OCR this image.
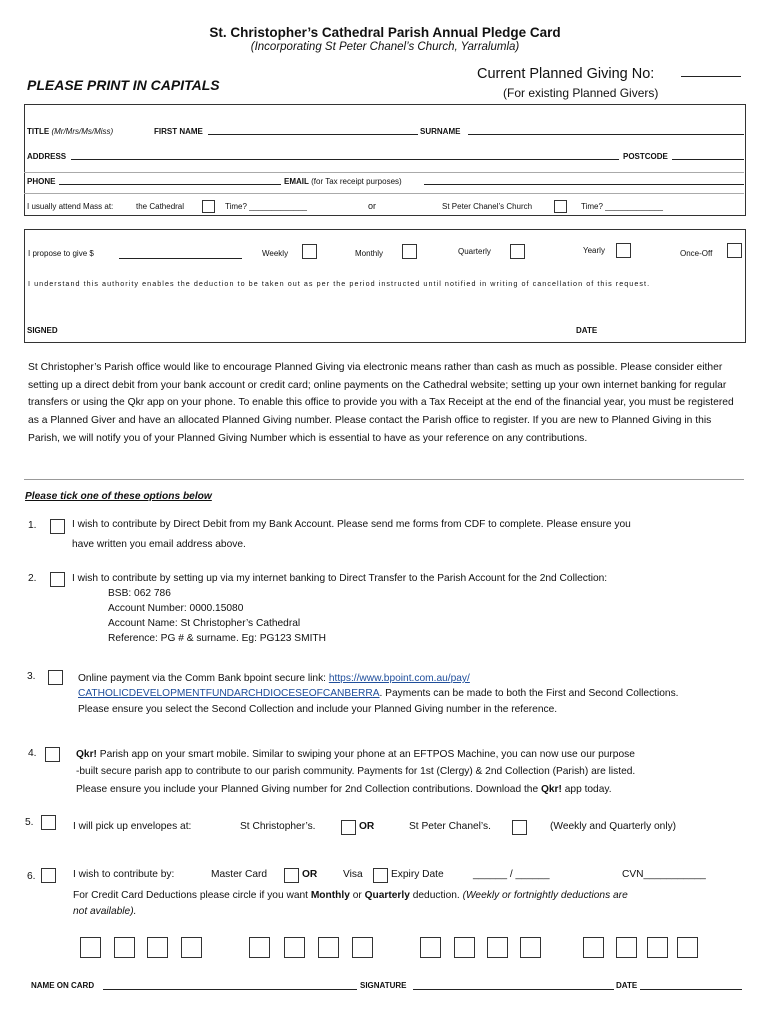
St. Christopher’s Cathedral Parish Annual Pledge Card
(Incorporating St Peter Chanel’s Church, Yarralumla)
PLEASE PRINT IN CAPITALS
Current Planned Giving No:
(For existing Planned Givers)
TITLE (Mr/Mrs/Ms/Miss)	FIRST NAME	SURNAME
ADDRESS	POSTCODE
PHONE	EMAIL (for Tax receipt purposes)
I usually attend Mass at:	the Cathedral	Time? _____________	or	St Peter Chanel’s Church	Time? _____________
I propose to give $	Weekly	Monthly	Quarterly	Yearly	Once-Off
I understand this authority enables the deduction to be taken out as per the period instructed until notified in writing of cancellation of this request.
SIGNED	DATE
St Christopher’s Parish office would like to encourage Planned Giving via electronic means rather than cash as much as possible. Please consider either setting up a direct debit from your bank account or credit card; online payments on the Cathedral website; setting up your own internet banking for regular transfers or using the Qkr app on your phone. To enable this office to provide you with a Tax Receipt at the end of the financial year, you must be registered as a Planned Giver and have an allocated Planned Giving number. Please contact the Parish office to register. If you are new to Planned Giving in this Parish, we will notify you of your Planned Giving Number which is essential to have as your reference on any contributions.
Please tick one of these options below
1.	I wish to contribute by Direct Debit from my Bank Account. Please send me forms from CDF to complete. Please ensure you
have written you email address above.
2.	I wish to contribute by setting up via my internet banking to Direct Transfer to the Parish Account for the 2nd Collection:
BSB: 062 786
Account Number: 0000.15080
Account Name: St Christopher’s Cathedral
Reference: PG # & surname. Eg: PG123 SMITH
3.	Online payment via the Comm Bank bpoint secure link: https://www.bpoint.com.au/pay/
CATHOLICDEVELOPMENTFUNDARCHDIOCESEOFCANBERRA. Payments can be made to both the First and Second Collections.
Please ensure you select the Second Collection and include your Planned Giving number in the reference.
4.	Qkr! Parish app on your smart mobile. Similar to swiping your phone at an EFTPOS Machine, you can now use our purpose
-built secure parish app to contribute to our parish community. Payments for 1st (Clergy) & 2nd Collection (Parish) are listed.
Please ensure you include your Planned Giving number for 2nd Collection contributions. Download the Qkr! app today.
5.	I will pick up envelopes at:	St Christopher’s.	OR	St Peter Chanel’s.	(Weekly and Quarterly only)
6.	I wish to contribute by:	Master Card	OR	Visa	Expiry Date	______ / ______	CVN___________
For Credit Card Deductions please circle if you want Monthly or Quarterly deduction. (Weekly or fortnightly deductions are
not available).
NAME ON CARD	SIGNATURE	DATE
